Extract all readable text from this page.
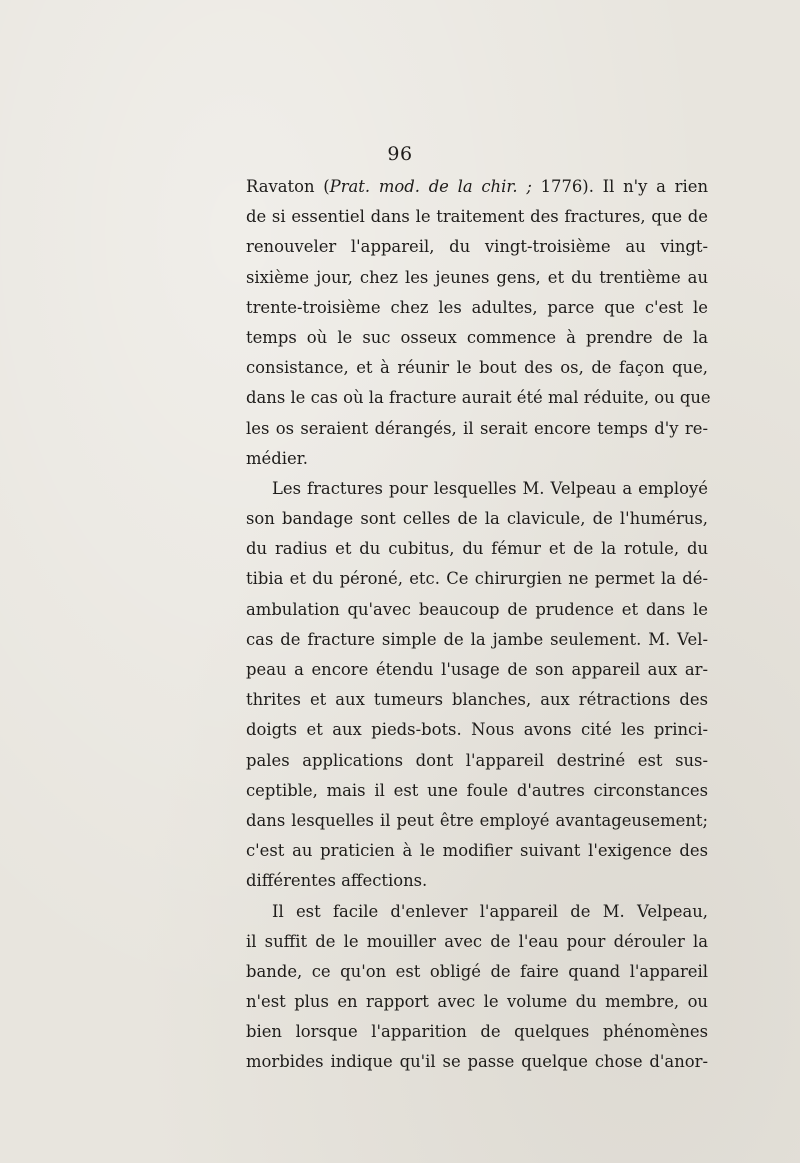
96
Ravaton (Prat. mod. de la chir. ; 1776). Il n'y a rien
de si essentiel dans le traitement des fractures, que de
renouveler l'appareil, du vingt-troisième au vingt-
sixième jour, chez les jeunes gens, et du trentième au
trente-troisième chez les adultes, parce que c'est le
temps où le suc osseux commence à prendre de la
consistance, et à réunir le bout des os, de façon que,
dans le cas où la fracture aurait été mal réduite, ou que
les os seraient dérangés, il serait encore temps d'y re-
médier.
Les fractures pour lesquelles M. Velpeau a employé
son bandage sont celles de la clavicule, de l'humérus,
du radius et du cubitus, du fémur et de la rotule, du
tibia et du péroné, etc. Ce chirurgien ne permet la dé-
ambulation qu'avec beaucoup de prudence et dans le
cas de fracture simple de la jambe seulement. M. Vel-
peau a encore étendu l'usage de son appareil aux ar-
thrites et aux tumeurs blanches, aux rétractions des
doigts et aux pieds-bots. Nous avons cité les princi-
pales applications dont l'appareil destriné est sus-
ceptible, mais il est une foule d'autres circonstances
dans lesquelles il peut être employé avantageusement;
c'est au praticien à le modifier suivant l'exigence des
différentes affections.
Il est facile d'enlever l'appareil de M. Velpeau,
il suffit de le mouiller avec de l'eau pour dérouler la
bande, ce qu'on est obligé de faire quand l'appareil
n'est plus en rapport avec le volume du membre, ou
bien lorsque l'apparition de quelques phénomènes
morbides indique qu'il se passe quelque chose d'anor-
